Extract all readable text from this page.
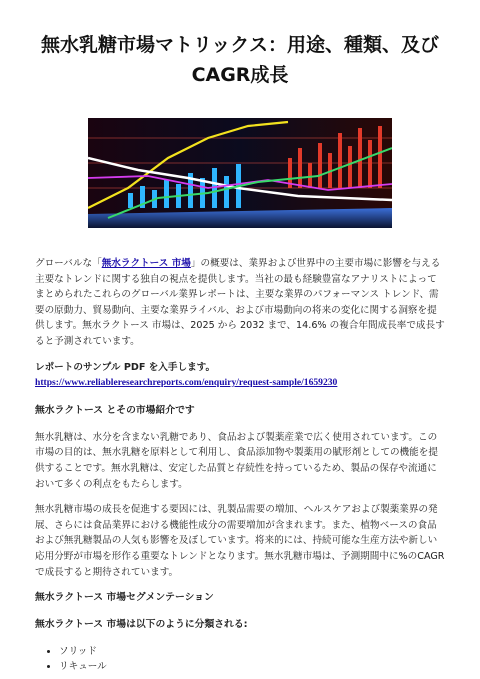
無水乳糖市場マトリックス：用途、種類、及びCAGR成長

グローバルな「無水ラクトース 市場」の概要は、業界および世界中の主要市場に影響を与える主要なトレンドに関する独自の視点を提供します。当社の最も経験豊富なアナリストによってまとめられたこれらのグローバル業界レポートは、主要な業界のパフォーマンス トレンド、需要の原動力、貿易動向、主要な業界ライバル、および市場動向の将来の変化に関する洞察を提供します。無水ラクトース 市場は、2025 から 2032 まで、14.6% の複合年間成長率で成長すると予測されています。

レポートのサンプル PDF を入手します。
https://www.reliableresearchreports.com/enquiry/request-sample/1659230

無水ラクトース とその市場紹介です

無水乳糖は、水分を含まない乳糖であり、食品および製薬産業で広く使用されています。この市場の目的は、無水乳糖を原料として利用し、食品添加物や製薬用の賦形剤としての機能を提供することです。無水乳糖は、安定した品質と存続性を持っているため、製品の保存や流通において多くの利点をもたらします。

無水乳糖市場の成長を促進する要因には、乳製品需要の増加、ヘルスケアおよび製薬業界の発展、さらには食品業界における機能性成分の需要増加が含まれます。また、植物ベースの食品および無乳糖製品の人気も影響を及ぼしています。将来的には、持続可能な生産方法や新しい応用分野が市場を形作る重要なトレンドとなります。無水乳糖市場は、予測期間中に%のCAGRで成長すると期待されています。

無水ラクトース 市場セグメンテーション
無水ラクトース 市場は以下のように分類される:
• ソリッド
• リキュール
